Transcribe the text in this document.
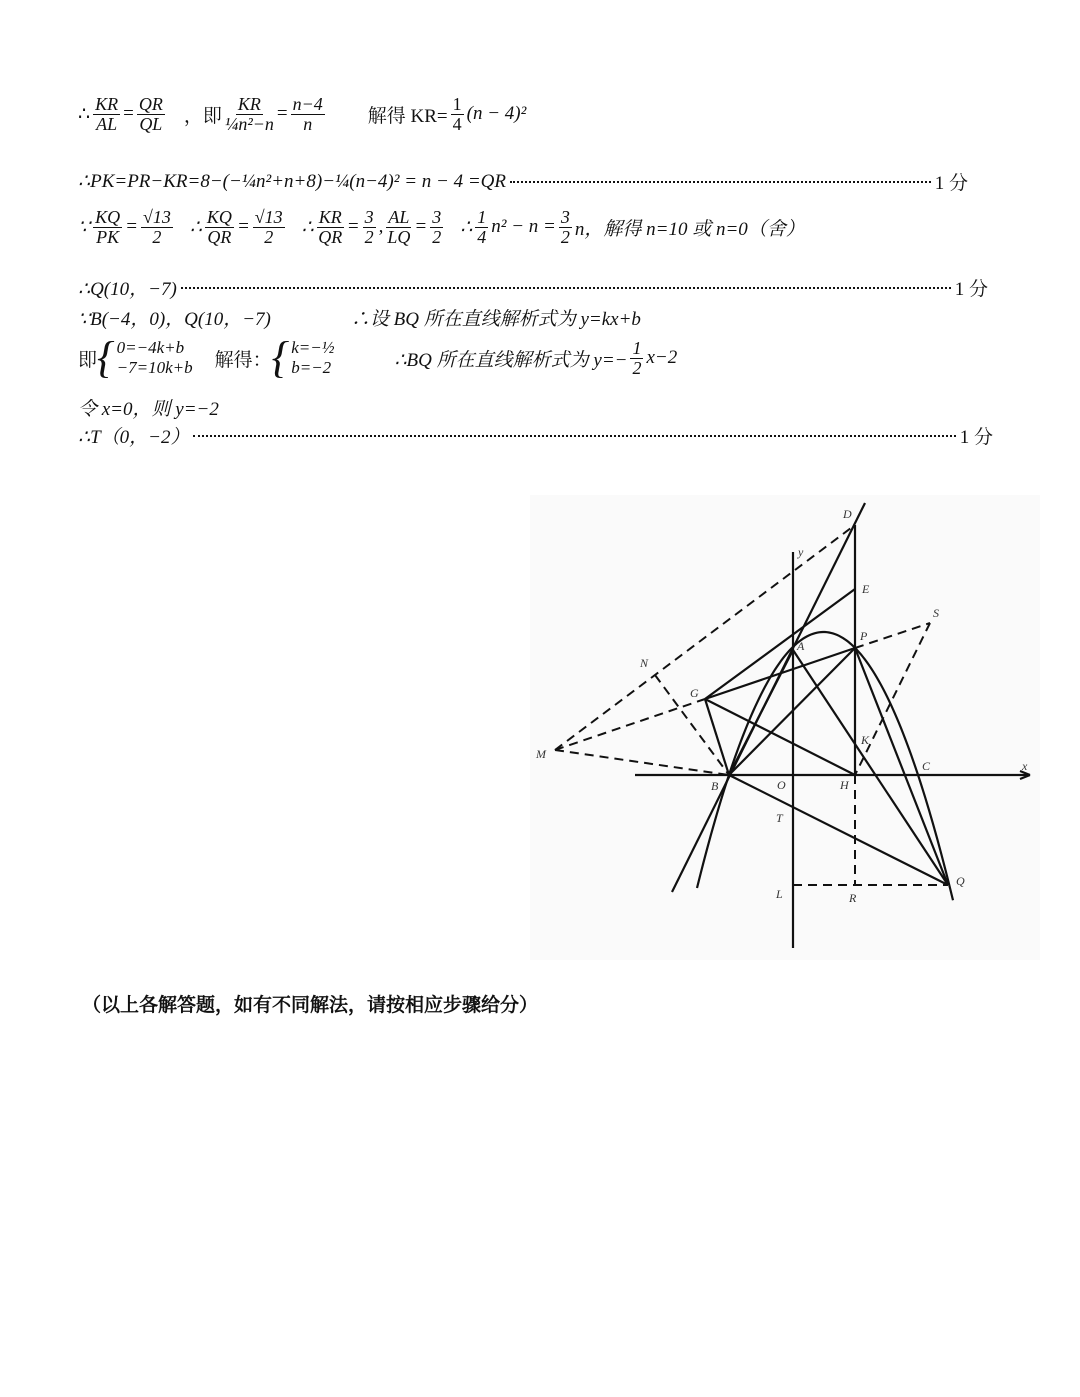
∴ $\frac{KR}{AL} = \frac{QR}{QL}$ ，即 $\frac{KR}{\text{¼n²−n}} = \frac{n-4}{n}$ 解得 $KR= \frac{1}{4} (n - 4)^2$
∴PK=PR−KR=8−(−¼n²+n+8)−¼(n−4)² = n − 4 =QR	1 分
∵ $\frac{KQ}{PK} = \frac{√13}{2}$ ∴ $\frac{KQ}{QR} = \frac{√13}{2}$ ∴ $\frac{KR}{QR} = \frac{3}{2}$ , $\frac{AL}{LQ} = \frac{3}{2}$ ∴ $\frac{1}{4} n^2 - n = \frac{3}{2}$ n，解得 n=10 或 n=0（舍）
∴Q(10，−7)	1 分
∵B(−4，0)，Q(10，−7)	∴设 BQ 所在直线解析式为 y=kx+b
即 { 0=−4k+b
−7=10k+b 解得： { k=−½
b=−2	∴BQ 所在直线解析式为 $y=- \frac{1}{2} x-2$
令 x=0，则 y=−2
∴T（0，−2）	1 分
D
E
S
P
A
N
G
M
K
C	x
y
B	O	H
T
L	R
Q
（以上各解答题，如有不同解法，请按相应步骤给分）
